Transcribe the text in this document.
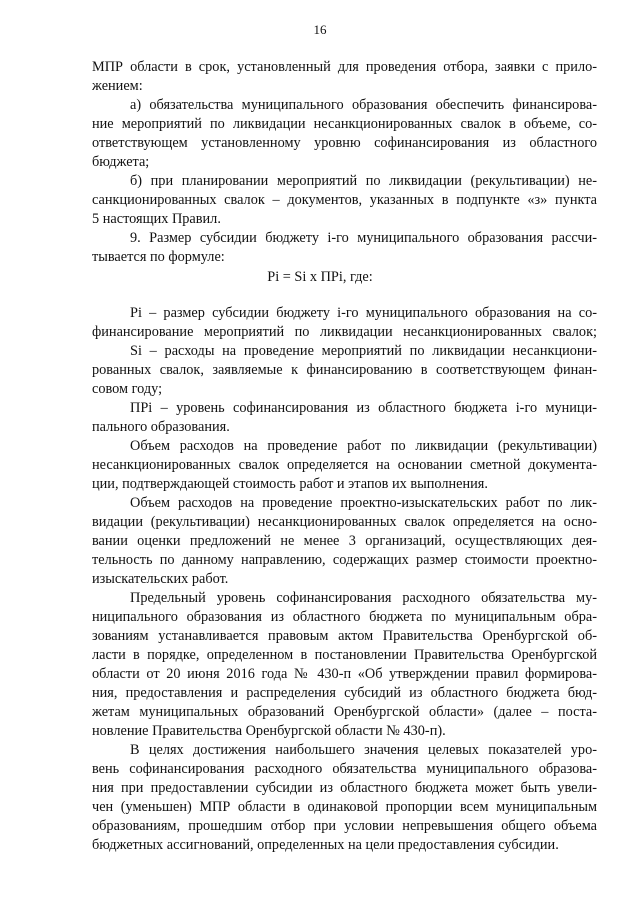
16
МПР области в срок, установленный для проведения отбора, заявки с прило-
жением:
а) обязательства муниципального образования обеспечить финансирова-
ние мероприятий по ликвидации несанкционированных свалок в объеме, со-
ответствующем установленному уровню софинансирования из областного
бюджета;
б) при планировании мероприятий по ликвидации (рекультивации) не-
санкционированных свалок – документов, указанных в подпункте «з» пункта
5 настоящих Правил.
9. Размер субсидии бюджету i-го муниципального образования рассчи-
тывается по формуле:
Pi = Si x ПРi, где:
Pi – размер субсидии бюджету i-го муниципального образования на со-
финансирование мероприятий по ликвидации несанкционированных свалок;
Si – расходы на проведение мероприятий по ликвидации несанкциони-
рованных свалок, заявляемые к финансированию в соответствующем финан-
совом году;
ПРi – уровень софинансирования из областного бюджета i-го муници-
пального образования.
Объем расходов на проведение работ по ликвидации (рекультивации)
несанкционированных свалок определяется на основании сметной документа-
ции, подтверждающей стоимость работ и этапов их выполнения.
Объем расходов на проведение проектно-изыскательских работ по лик-
видации (рекультивации) несанкционированных свалок определяется на осно-
вании оценки предложений не менее 3 организаций, осуществляющих дея-
тельность по данному направлению, содержащих размер стоимости проектно-
изыскательских работ.
Предельный уровень софинансирования расходного обязательства му-
ниципального образования из областного бюджета по муниципальным обра-
зованиям устанавливается правовым актом Правительства Оренбургской об-
ласти в порядке, определенном в постановлении Правительства Оренбургской
области от 20 июня 2016 года № 430-п «Об утверждении правил формирова-
ния, предоставления и распределения субсидий из областного бюджета бюд-
жетам муниципальных образований Оренбургской области» (далее – поста-
новление Правительства Оренбургской области № 430-п).
В целях достижения наибольшего значения целевых показателей уро-
вень софинансирования расходного обязательства муниципального образова-
ния при предоставлении субсидии из областного бюджета может быть увели-
чен (уменьшен) МПР области в одинаковой пропорции всем муниципальным
образованиям, прошедшим отбор при условии непревышения общего объема
бюджетных ассигнований, определенных на цели предоставления субсидии.
